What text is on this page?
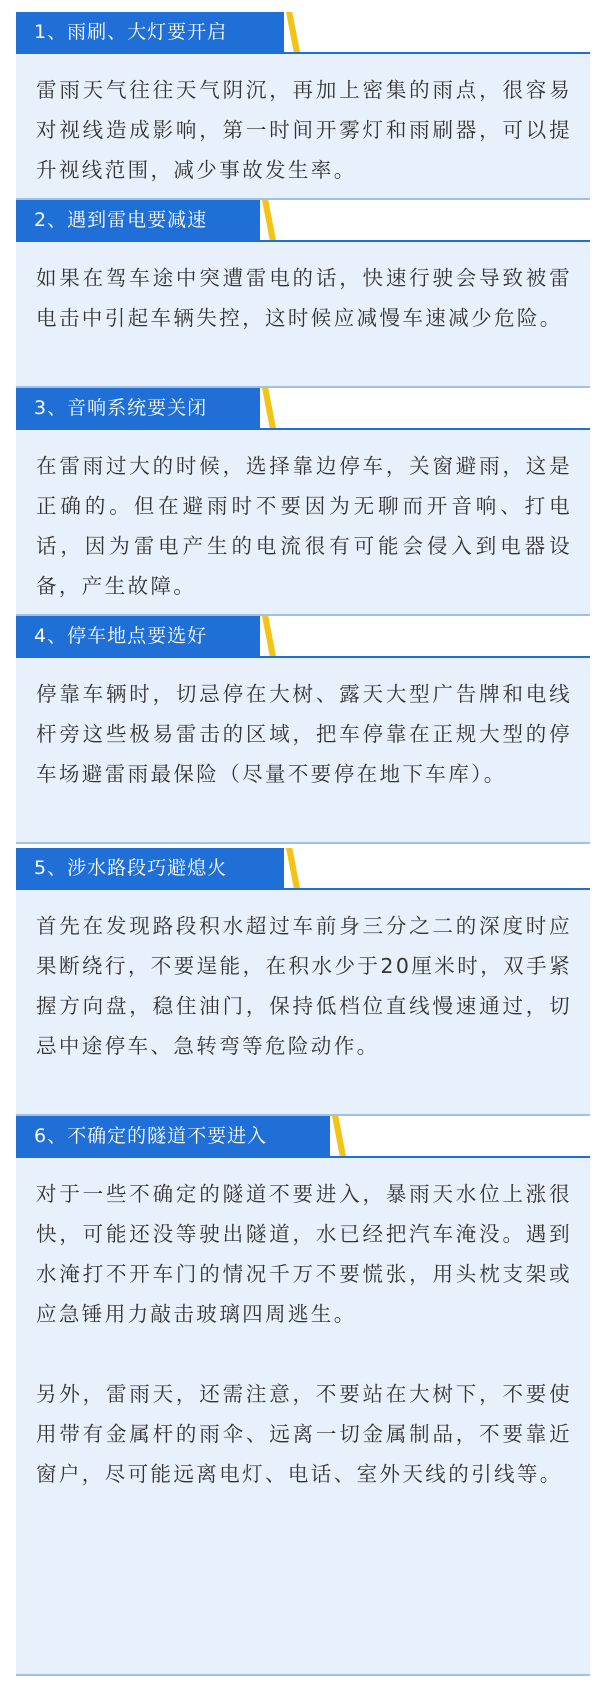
1、雨刷、大灯要开启

雷雨天气往往天气阴沉，再加上密集的雨点，很容易对视线造成影响，第一时间开雾灯和雨刷器，可以提升视线范围，减少事故发生率。

2、遇到雷电要减速

如果在驾车途中突遭雷电的话，快速行驶会导致被雷电击中引起车辆失控，这时候应减慢车速减少危险。

3、音响系统要关闭

在雷雨过大的时候，选择靠边停车，关窗避雨，这是正确的。但在避雨时不要因为无聊而开音响、打电话，因为雷电产生的电流很有可能会侵入到电器设备，产生故障。

4、停车地点要选好

停靠车辆时，切忌停在大树、露天大型广告牌和电线杆旁这些极易雷击的区域，把车停靠在正规大型的停车场避雷雨最保险（尽量不要停在地下车库）。

5、涉水路段巧避熄火

首先在发现路段积水超过车前身三分之二的深度时应果断绕行，不要逞能，在积水少于20厘米时，双手紧握方向盘，稳住油门，保持低档位直线慢速通过，切忌中途停车、急转弯等危险动作。

6、不确定的隧道不要进入

对于一些不确定的隧道不要进入，暴雨天水位上涨很快，可能还没等驶出隧道，水已经把汽车淹没。遇到水淹打不开车门的情况千万不要慌张，用头枕支架或应急锤用力敲击玻璃四周逃生。

另外，雷雨天，还需注意，不要站在大树下，不要使用带有金属杆的雨伞、远离一切金属制品，不要靠近窗户，尽可能远离电灯、电话、室外天线的引线等。
